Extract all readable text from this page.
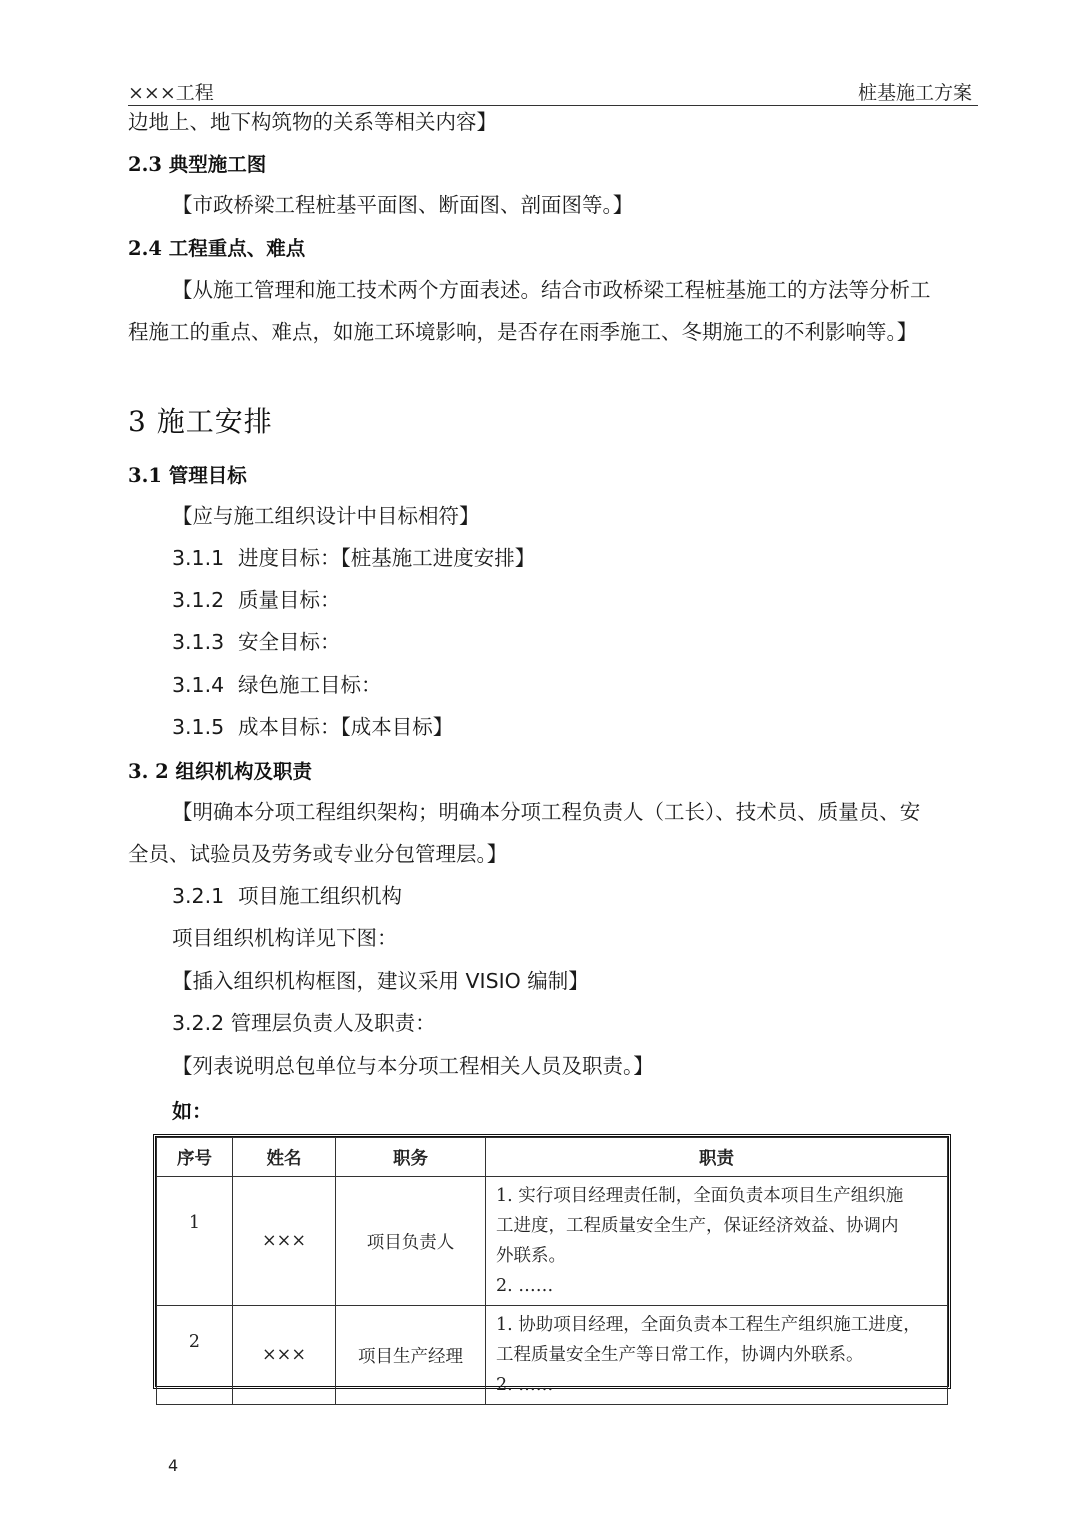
×××工程	桩基施工方案
边地上、地下构筑物的关系等相关内容】
2.3 典型施工图
【市政桥梁工程桩基平面图、断面图、剖面图等。】
2.4 工程重点、难点
【从施工管理和施工技术两个方面表述。结合市政桥梁工程桩基施工的方法等分析工
程施工的重点、难点，如施工环境影响，是否存在雨季施工、冬期施工的不利影响等。】
3 施工安排
3.1 管理目标
【应与施工组织设计中目标相符】
3.1.1 进度目标：【桩基施工进度安排】
3.1.2 质量目标：
3.1.3 安全目标：
3.1.4 绿色施工目标：
3.1.5 成本目标：【成本目标】
3. 2 组织机构及职责
【明确本分项工程组织架构；明确本分项工程负责人（工长）、技术员、质量员、安
全员、试验员及劳务或专业分包管理层。】
3.2.1 项目施工组织机构
项目组织机构详见下图：
【插入组织机构框图，建议采用 VISIO 编制】
3.2.2 管理层负责人及职责：
【列表说明总包单位与本分项工程相关人员及职责。】
如：
序号	姓名	职务	职责
1	×××	项目负责人	1. 实行项目经理责任制，全面负责本项目生产组织施
工进度，工程质量安全生产，保证经济效益、协调内
外联系。
2. ……

2	×××	项目生产经理	1. 协助项目经理，全面负责本工程生产组织施工进度，
工程质量安全生产等日常工作，协调内外联系。
2. ……
4
